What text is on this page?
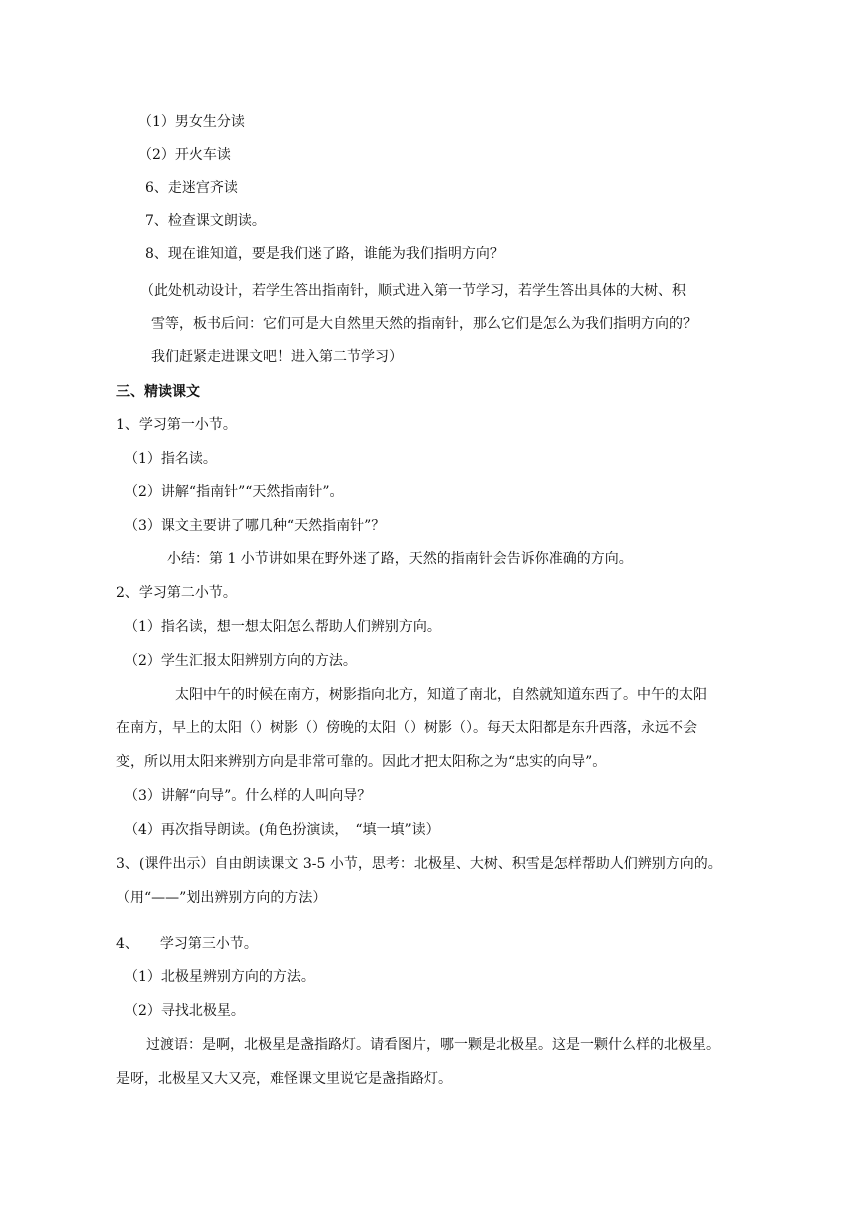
（1）男女生分读

（2）开火车读

6、走迷宫齐读

7、检查课文朗读。

8、现在谁知道，要是我们迷了路，谁能为我们指明方向？

（此处机动设计，若学生答出指南针，顺式进入第一节学习，若学生答出具体的大树、积

雪等，板书后问：它们可是大自然里天然的指南针，那么它们是怎么为我们指明方向的？

我们赶紧走进课文吧！进入第二节学习）

三、精读课文

1、学习第一小节。

（1）指名读。

（2）讲解“指南针”“天然指南针”。

（3）课文主要讲了哪几种“天然指南针”？

小结：第 1 小节讲如果在野外迷了路，天然的指南针会告诉你准确的方向。

2、学习第二小节。

（1）指名读，想一想太阳怎么帮助人们辨别方向。

（2）学生汇报太阳辨别方向的方法。

太阳中午的时候在南方，树影指向北方，知道了南北，自然就知道东西了。中午的太阳

在南方，早上的太阳（）树影（）傍晚的太阳（）树影（）。每天太阳都是东升西落，永远不会

变，所以用太阳来辨别方向是非常可靠的。因此才把太阳称之为“忠实的向导”。

（3）讲解“向导”。什么样的人叫向导？

（4）再次指导朗读。(角色扮演读，　“填一填”读）

3、(课件出示）自由朗读课文 3-5 小节，思考：北极星、大树、积雪是怎样帮助人们辨别方向的。

（用“——”划出辨别方向的方法）

4、　　学习第三小节。

（1）北极星辨别方向的方法。

（2）寻找北极星。

过渡语：是啊，北极星是盏指路灯。请看图片，哪一颗是北极星。这是一颗什么样的北极星。

是呀，北极星又大又亮，难怪课文里说它是盏指路灯。
